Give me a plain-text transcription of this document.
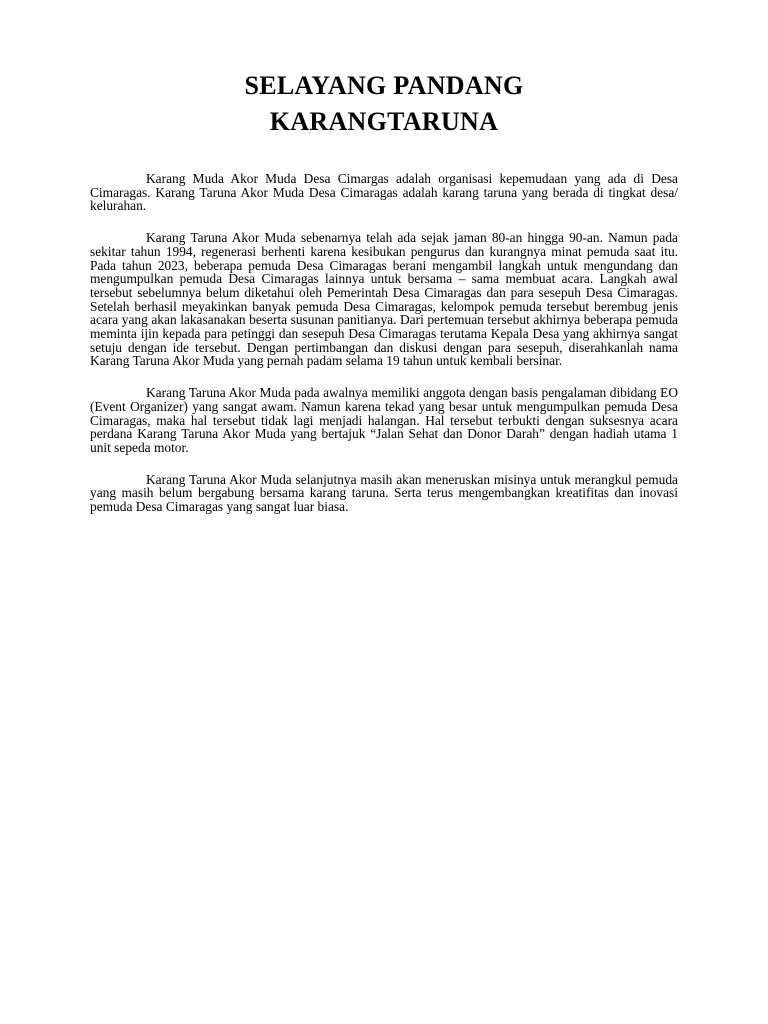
SELAYANG PANDANG
KARANGTARUNA

Karang Muda Akor Muda Desa Cimargas adalah organisasi kepemudaan yang ada di Desa Cimaragas. Karang Taruna Akor Muda Desa Cimaragas adalah karang taruna yang berada di tingkat desa/ kelurahan.

Karang Taruna Akor Muda sebenarnya telah ada sejak jaman 80-an hingga 90-an. Namun pada sekitar tahun 1994, regenerasi berhenti karena kesibukan pengurus dan kurangnya minat pemuda saat itu. Pada tahun 2023, beberapa pemuda Desa Cimaragas berani mengambil langkah untuk mengundang dan mengumpulkan pemuda Desa Cimaragas lainnya untuk bersama – sama membuat acara. Langkah awal tersebut sebelumnya belum diketahui oleh Pemerintah Desa Cimaragas dan para sesepuh Desa Cimaragas. Setelah berhasil meyakinkan banyak pemuda Desa Cimaragas, kelompok pemuda tersebut berembug jenis acara yang akan lakasanakan beserta susunan panitianya. Dari pertemuan tersebut akhirnya beberapa pemuda meminta ijin kepada para petinggi dan sesepuh Desa Cimaragas terutama Kepala Desa yang akhirnya sangat setuju dengan ide tersebut. Dengan pertimbangan dan diskusi dengan para sesepuh, diserahkanlah nama Karang Taruna Akor Muda yang pernah padam selama 19 tahun untuk kembali bersinar.

Karang Taruna Akor Muda pada awalnya memiliki anggota dengan basis pengalaman dibidang EO (Event Organizer) yang sangat awam. Namun karena tekad yang besar untuk mengumpulkan pemuda Desa Cimaragas, maka hal tersebut tidak lagi menjadi halangan. Hal tersebut terbukti dengan suksesnya acara perdana Karang Taruna Akor Muda yang bertajuk “Jalan Sehat dan Donor Darah” dengan hadiah utama 1 unit sepeda motor.

Karang Taruna Akor Muda selanjutnya masih akan meneruskan misinya untuk merangkul pemuda yang masih belum bergabung bersama karang taruna. Serta terus mengembangkan kreatifitas dan inovasi pemuda Desa Cimaragas yang sangat luar biasa.
